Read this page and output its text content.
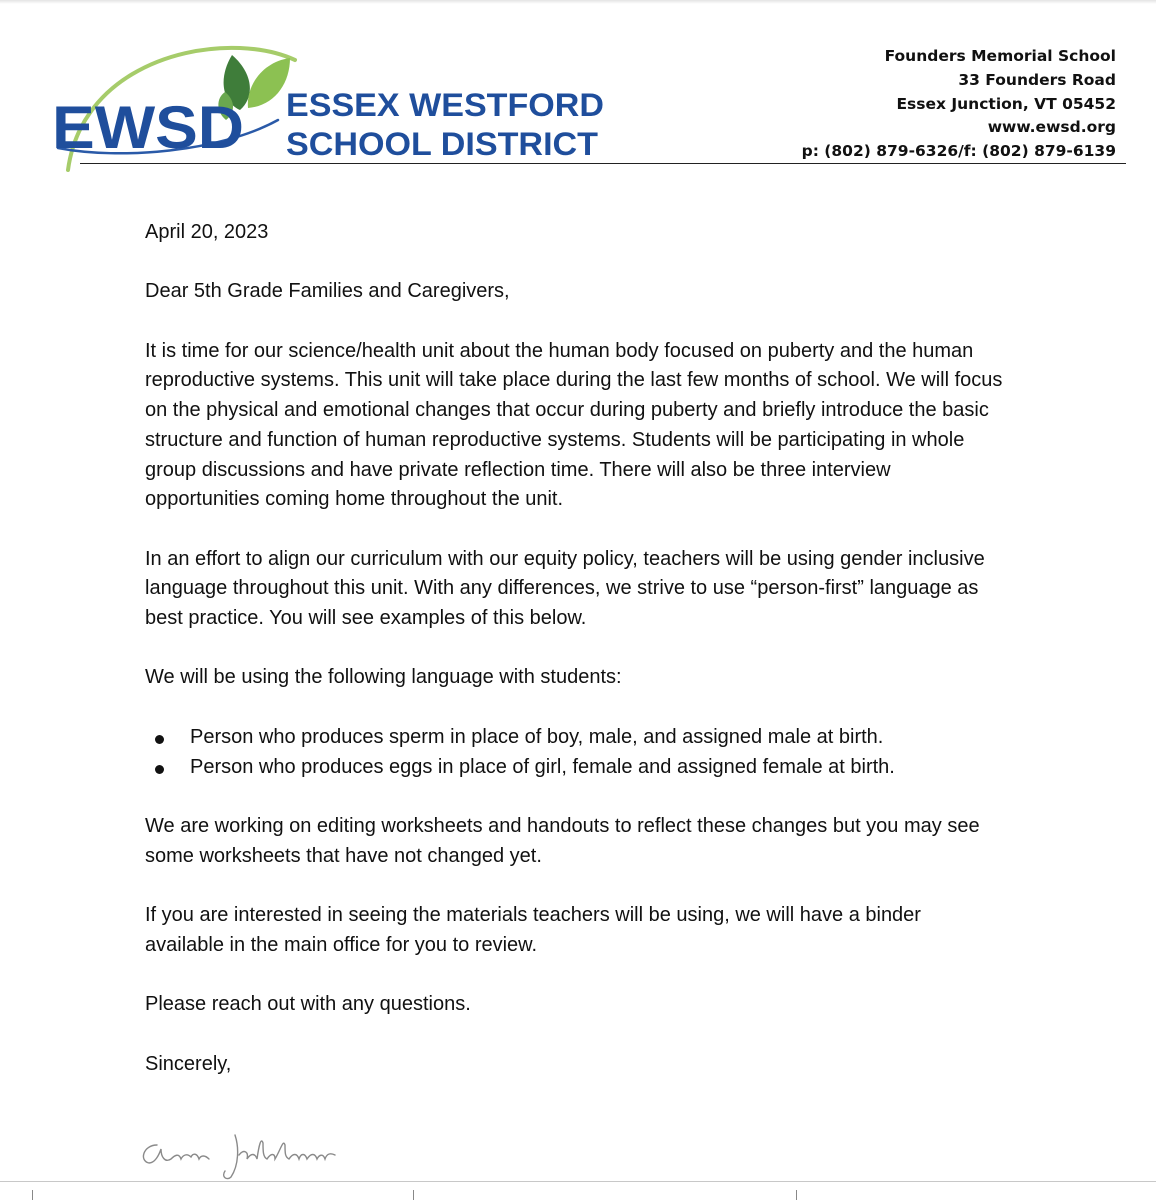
EWSD ESSEX WESTFORD
SCHOOL DISTRICT
Founders Memorial School
33 Founders Road
Essex Junction, VT 05452
www.ewsd.org
p: (802) 879-6326/f: (802) 879-6139

April 20, 2023

Dear 5th Grade Families and Caregivers,

It is time for our science/health unit about the human body focused on puberty and the human reproductive systems. This unit will take place during the last few months of school. We will focus on the physical and emotional changes that occur during puberty and briefly introduce the basic structure and function of human reproductive systems. Students will be participating in whole group discussions and have private reflection time. There will also be three interview opportunities coming home throughout the unit.

In an effort to align our curriculum with our equity policy, teachers will be using gender inclusive language throughout this unit. With any differences, we strive to use “person-first” language as best practice. You will see examples of this below.

We will be using the following language with students:

Person who produces sperm in place of boy, male, and assigned male at birth.
Person who produces eggs in place of girl, female and assigned female at birth.

We are working on editing worksheets and handouts to reflect these changes but you may see some worksheets that have not changed yet.

If you are interested in seeing the materials teachers will be using, we will have a binder available in the main office for you to review.

Please reach out with any questions.

Sincerely,
